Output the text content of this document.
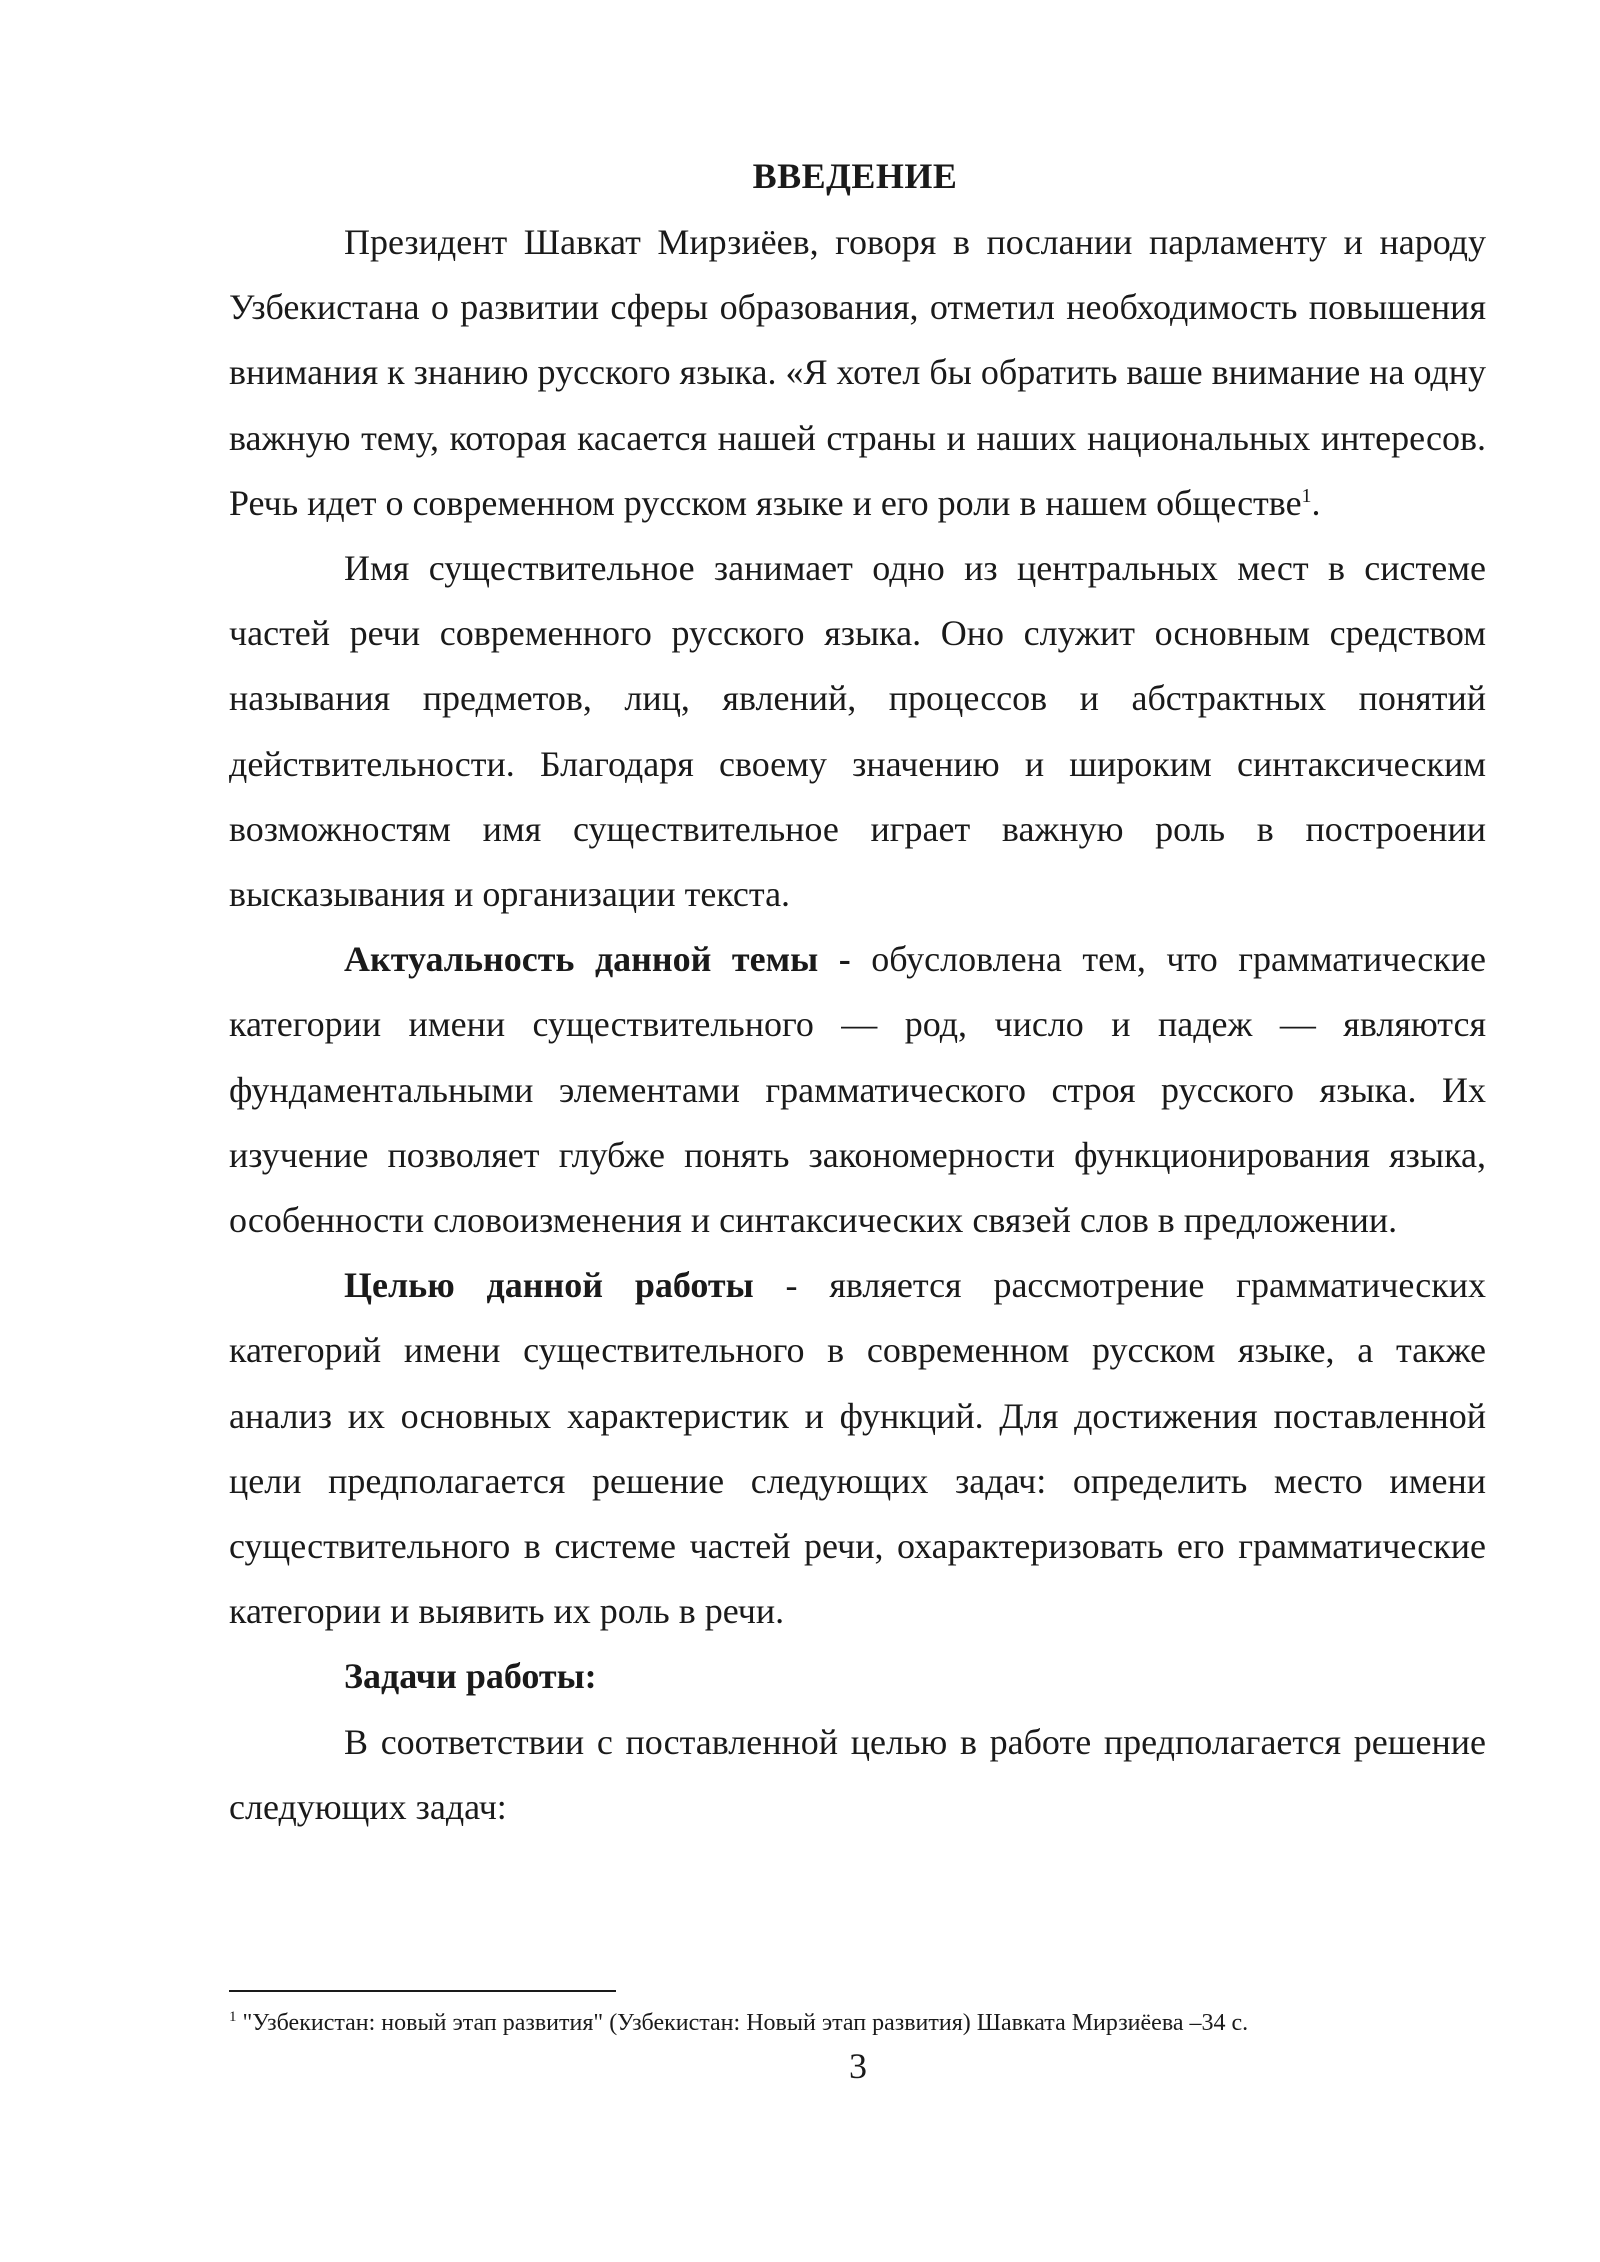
ВВЕДЕНИЕ

Президент Шавкат Мирзиёев, говоря в послании парламенту и народу Узбекистана о развитии сферы образования, отметил необходимость повышения внимания к знанию русского языка. «Я хотел бы обратить ваше внимание на одну важную тему, которая касается нашей страны и наших национальных интересов. Речь идет о современном русском языке и его роли в нашем обществе$^1$.

Имя существительное занимает одно из центральных мест в системе частей речи современного русского языка. Оно служит основным средством называния предметов, лиц, явлений, процессов и абстрактных понятий действительности. Благодаря своему значению и широким синтаксическим возможностям имя существительное играет важную роль в построении высказывания и организации текста.

Актуальность данной темы - обусловлена тем, что грамматические категории имени существительного — род, число и падеж — являются фундаментальными элементами грамматического строя русского языка. Их изучение позволяет глубже понять закономерности функционирования языка, особенности словоизменения и синтаксических связей слов в предложении.

Целью данной работы - является рассмотрение грамматических категорий имени существительного в современном русском языке, а также анализ их основных характеристик и функций. Для достижения поставленной цели предполагается решение следующих задач: определить место имени существительного в системе частей речи, охарактеризовать его грамматические категории и выявить их роль в речи.

Задачи работы:

В соответствии с поставленной целью в работе предполагается решение следующих задач:

$^1$ "Узбекистан: новый этап развития" (Узбекистан: Новый этап развития) Шавката Мирзиёева –34 с.
3
